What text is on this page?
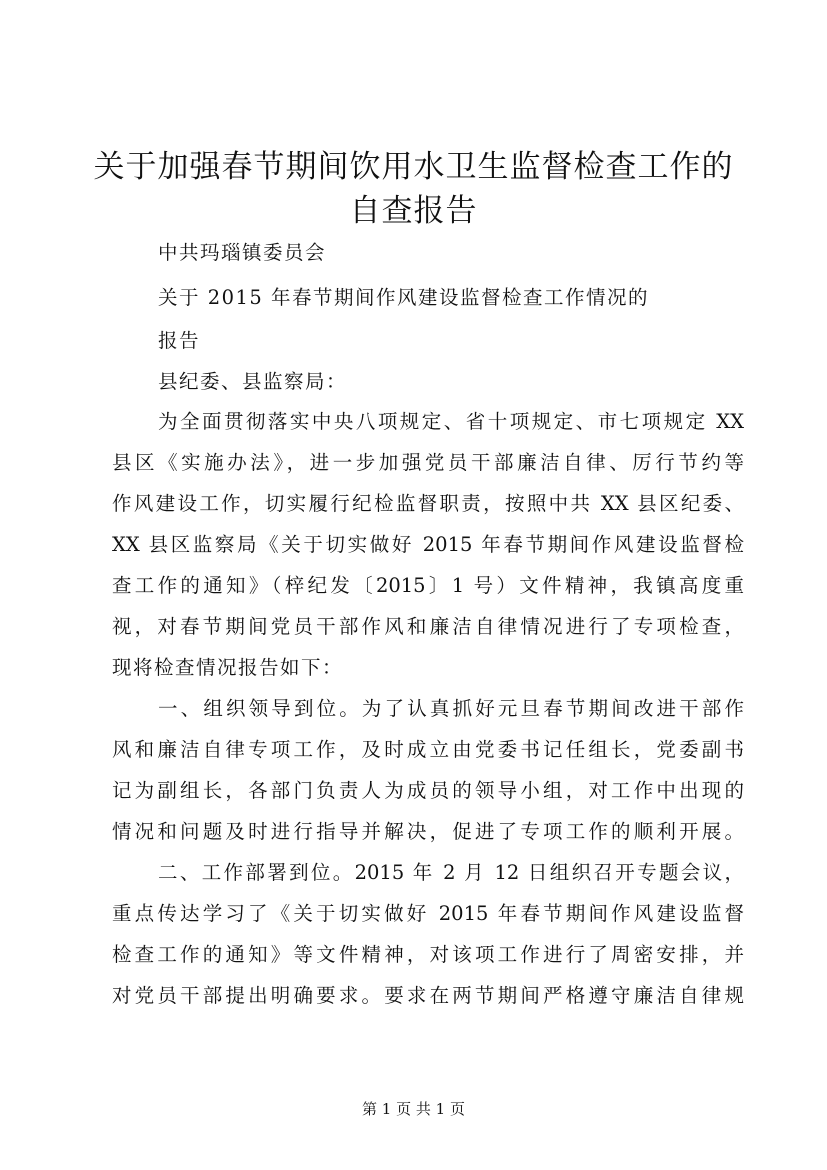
关于加强春节期间饮用水卫生监督检查工作的
自查报告
中共玛瑙镇委员会
关于 2015 年春节期间作风建设监督检查工作情况的
报告
县纪委、县监察局：
为全面贯彻落实中央八项规定、省十项规定、市七项规定 XX
县区《实施办法》，进一步加强党员干部廉洁自律、厉行节约等
作风建设工作，切实履行纪检监督职责，按照中共 XX 县区纪委、
XX 县区监察局《关于切实做好 2015 年春节期间作风建设监督检
查工作的通知》（梓纪发〔2015〕1 号）文件精神，我镇高度重
视，对春节期间党员干部作风和廉洁自律情况进行了专项检查，
现将检查情况报告如下：
一、组织领导到位。为了认真抓好元旦春节期间改进干部作
风和廉洁自律专项工作，及时成立由党委书记任组长，党委副书
记为副组长，各部门负责人为成员的领导小组，对工作中出现的
情况和问题及时进行指导并解决，促进了专项工作的顺利开展。
二、工作部署到位。2015 年 2 月 12 日组织召开专题会议，
重点传达学习了《关于切实做好 2015 年春节期间作风建设监督
检查工作的通知》等文件精神，对该项工作进行了周密安排，并
对党员干部提出明确要求。要求在两节期间严格遵守廉洁自律规
第 1 页 共 1 页
